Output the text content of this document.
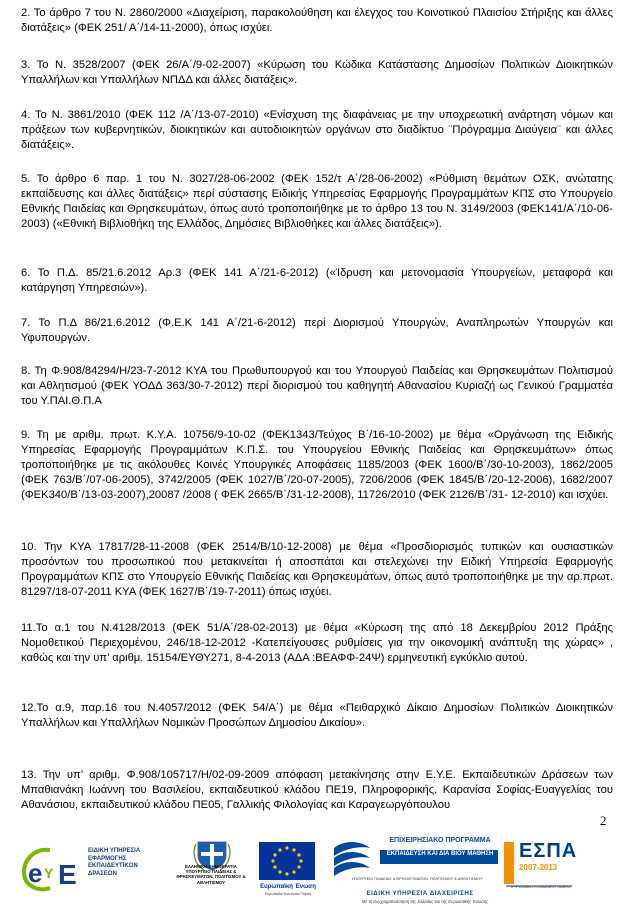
2. Το άρθρο 7 του Ν. 2860/2000 «Διαχείριση, παρακολούθηση και έλεγχος του Κοινοτικού Πλαισίου Στήριξης και άλλες διατάξεις» (ΦΕΚ 251/ Α΄/14-11-2000), όπως ισχύει.

3. Το Ν. 3528/2007 (ΦΕΚ 26/Α΄/9-02-2007) «Κύρωση του Κώδικα Κατάστασης Δημοσίων Πολιτικών Διοικητικών Υπαλλήλων και Υπαλλήλων ΝΠΔΔ και άλλες διατάξεις».

4. Το Ν. 3861/2010 (ΦΕΚ 112 /Α΄/13-07-2010) «Ενίσχυση της διαφάνειας με την υποχρεωτική ανάρτηση νόμων και πράξεων των κυβερνητικών, διοικητικών και αυτοδιοικητών οργάνων στο διαδίκτυο ¨Πρόγραμμα Διαύγεια¨ και άλλες διατάξεις».

5. Το άρθρο 6 παρ. 1 του Ν. 3027/28-06-2002 (ΦΕΚ 152/τ Α΄/28-06-2002) «Ρύθμιση θεμάτων ΟΣΚ, ανώτατης εκπαίδευσης και άλλες διατάξεις» περί σύστασης Ειδικής Υπηρεσίας Εφαρμογής Προγραμμάτων ΚΠΣ στο Υπουργείο Εθνικής Παιδείας και Θρησκευμάτων, όπως αυτό τροποποιήθηκε με το άρθρο 13 του Ν. 3149/2003 (ΦΕΚ141/Α΄/10-06-2003) («Εθνική Βιβλιοθήκη της Ελλάδος, Δημόσιες Βιβλιοθήκες και άλλες διατάξεις»).

6. Το Π.Δ. 85/21.6.2012 Αρ.3 (ΦΕΚ 141 Α΄/21-6-2012) («Ίδρυση και μετονομασία Υπουργείων, μεταφορά και κατάργηση Υπηρεσιών»).

7. Το Π.Δ 86/21.6.2012 (Φ.Ε.Κ 141 Α΄/21-6-2012) περί Διορισμού Υπουργών, Αναπληρωτών Υπουργών και Υφυπουργών.

8. Τη Φ.908/84294/Η/23-7-2012 ΚΥΑ του Πρωθυπουργού και του Υπουργού Παιδείας και Θρησκευμάτων Πολιτισμού και Αθλητισμού (ΦΕΚ ΥΟΔΔ 363/30-7-2012) περί διορισμού του καθηγητή Αθανασίου Κυριαζή ως Γενικού Γραμματέα του Υ.ΠΑΙ.Θ.Π.Α

9. Τη με αριθμ. πρωτ. Κ.Υ.Α. 10756/9-10-02 (ΦΕΚ1343/Τεύχος Β΄/16-10-2002) με θέμα «Οργάνωση της Ειδικής Υπηρεσίας Εφαρμογής Προγραμμάτων Κ.Π.Σ. του Υπουργείου Εθνικής Παιδείας και Θρησκευμάτων» όπως τροποποιήθηκε με τις ακόλουθες Κοινές Υπουργικές Αποφάσεις 1185/2003 (ΦΕΚ 1600/Β΄/30-10-2003), 1862/2005 (ΦΕΚ 763/Β΄/07-06-2005), 3742/2005 (ΦΕΚ 1027/Β΄/20-07-2005), 7206/2006 (ΦΕΚ 1845/Β΄/20-12-2006), 1682/2007 (ΦΕΚ340/Β΄/13-03-2007),20087 /2008 ( ΦΕΚ 2665/Β΄/31-12-2008), 11726/2010 (ΦΕΚ 2126/Β΄/31- 12-2010) και ισχύει.

10. Την ΚΥΑ 17817/28-11-2008 (ΦΕΚ 2514/Β/10-12-2008) με θέμα «Προσδιορισμός τυπικών και ουσιαστικών προσόντων του προσωπικού που μετακινείται ή αποσπάται και στελεχώνει την Ειδική Υπηρεσία Εφαρμογής Προγραμμάτων ΚΠΣ στο Υπουργείο Εθνικής Παιδείας και Θρησκευμάτων, όπως αυτό τροποποιήθηκε με την αρ.πρωτ. 81297/18-07-2011 ΚΥΑ (ΦΕΚ 1627/Β΄/19-7-2011) όπως ισχύει.

11.Το α.1 του Ν.4128/2013 (ΦΕΚ 51/Α΄/28-02-2013) με θέμα «Κύρωση της από 18 Δεκεμβρίου 2012 Πράξης Νομοθετικού Περιεχομένου, 246/18-12-2012 -Κατεπείγουσες ρυθμίσεις για την οικονομική ανάπτυξη της χώρας» , καθώς και την υπ’ αριθμ. 15154/ΕΥΘΥ271, 8-4-2013 (ΑΔΑ :ΒΕΑΦΦ-24Ψ) ερμηνευτική εγκύκλιο αυτού.

12.Το α.9, παρ.16 του Ν.4057/2012 (ΦΕΚ 54/Α΄) με θέμα «Πειθαρχικό Δίκαιο Δημοσίων Πολιτικών Διοικητικών Υπαλλήλων και Υπαλλήλων Νομικών Προσώπων Δημοσίου Δικαίου».

13. Την υπ’ αριθμ. Φ.908/105717/Η/02-09-2009 απόφαση μετακίνησης στην Ε.Υ.Ε. Εκπαιδευτικών Δράσεων των Μπαθιανάκη Ιωάννη του Βασιλείου, εκπαιδευτικού κλάδου ΠΕ19, Πληροφορικής, Καρανίσα Σοφίας-Ευαγγελίας του Αθανάσιου, εκπαιδευτικού κλάδου ΠΕ05, Γαλλικής Φιλολογίας και Καραγεωργόπουλου

2
e Y E
ΕΙΔΙΚΗ ΥΠΗΡΕΣΙΑ ΕΦΑΡΜΟΓΗΣ ΕΚΠΑΙΔΕΥΤΙΚΩΝ ΔΡΑΣΕΩΝ
ΕΛΛΗΝΙΚΗ ΔΗΜΟΚΡΑΤΙΑ ΥΠΟΥΡΓΕΙΟ ΠΑΙΔΕΙΑΣ & ΘΡΗΣΚΕΥΜΑΤΩΝ, ΠΟΛΙΤΙΣΜΟΥ & ΑΘΛΗΤΙΣΜΟΥ
Ευρωπαϊκή Ένωση
Ευρωπαϊκό Κοινωνικό Ταμείο
ΕΠΙΧΕΙΡΗΣΙΑΚΟ ΠΡΟΓΡΑΜΜΑ
ΕΚΠΑΙΔΕΥΣΗ ΚΑΙ ΔΙΑ ΒΙΟΥ ΜΑΘΗΣΗ
ΥΠΟΥΡΓΕΙΟ ΠΑΙΔΕΙΑΣ & ΘΡΗΣΚΕΥΜΑΤΩΝ, ΠΟΛΙΤΙΣΜΟΥ & ΑΘΛΗΤΙΣΜΟΥ
ΕΙΔΙΚΗ ΥΠΗΡΕΣΙΑ ΔΙΑΧΕΙΡΙΣΗΣ
ΕΣΠΑ
2007-2013
ΕΥΡΩΠΑΪΚΟ ΚΟΙΝΩΝΙΚΟ ΤΑΜΕΙΟ
Με τη συγχρηματοδότηση της Ελλάδας και της Ευρωπαϊκής Ένωσης
